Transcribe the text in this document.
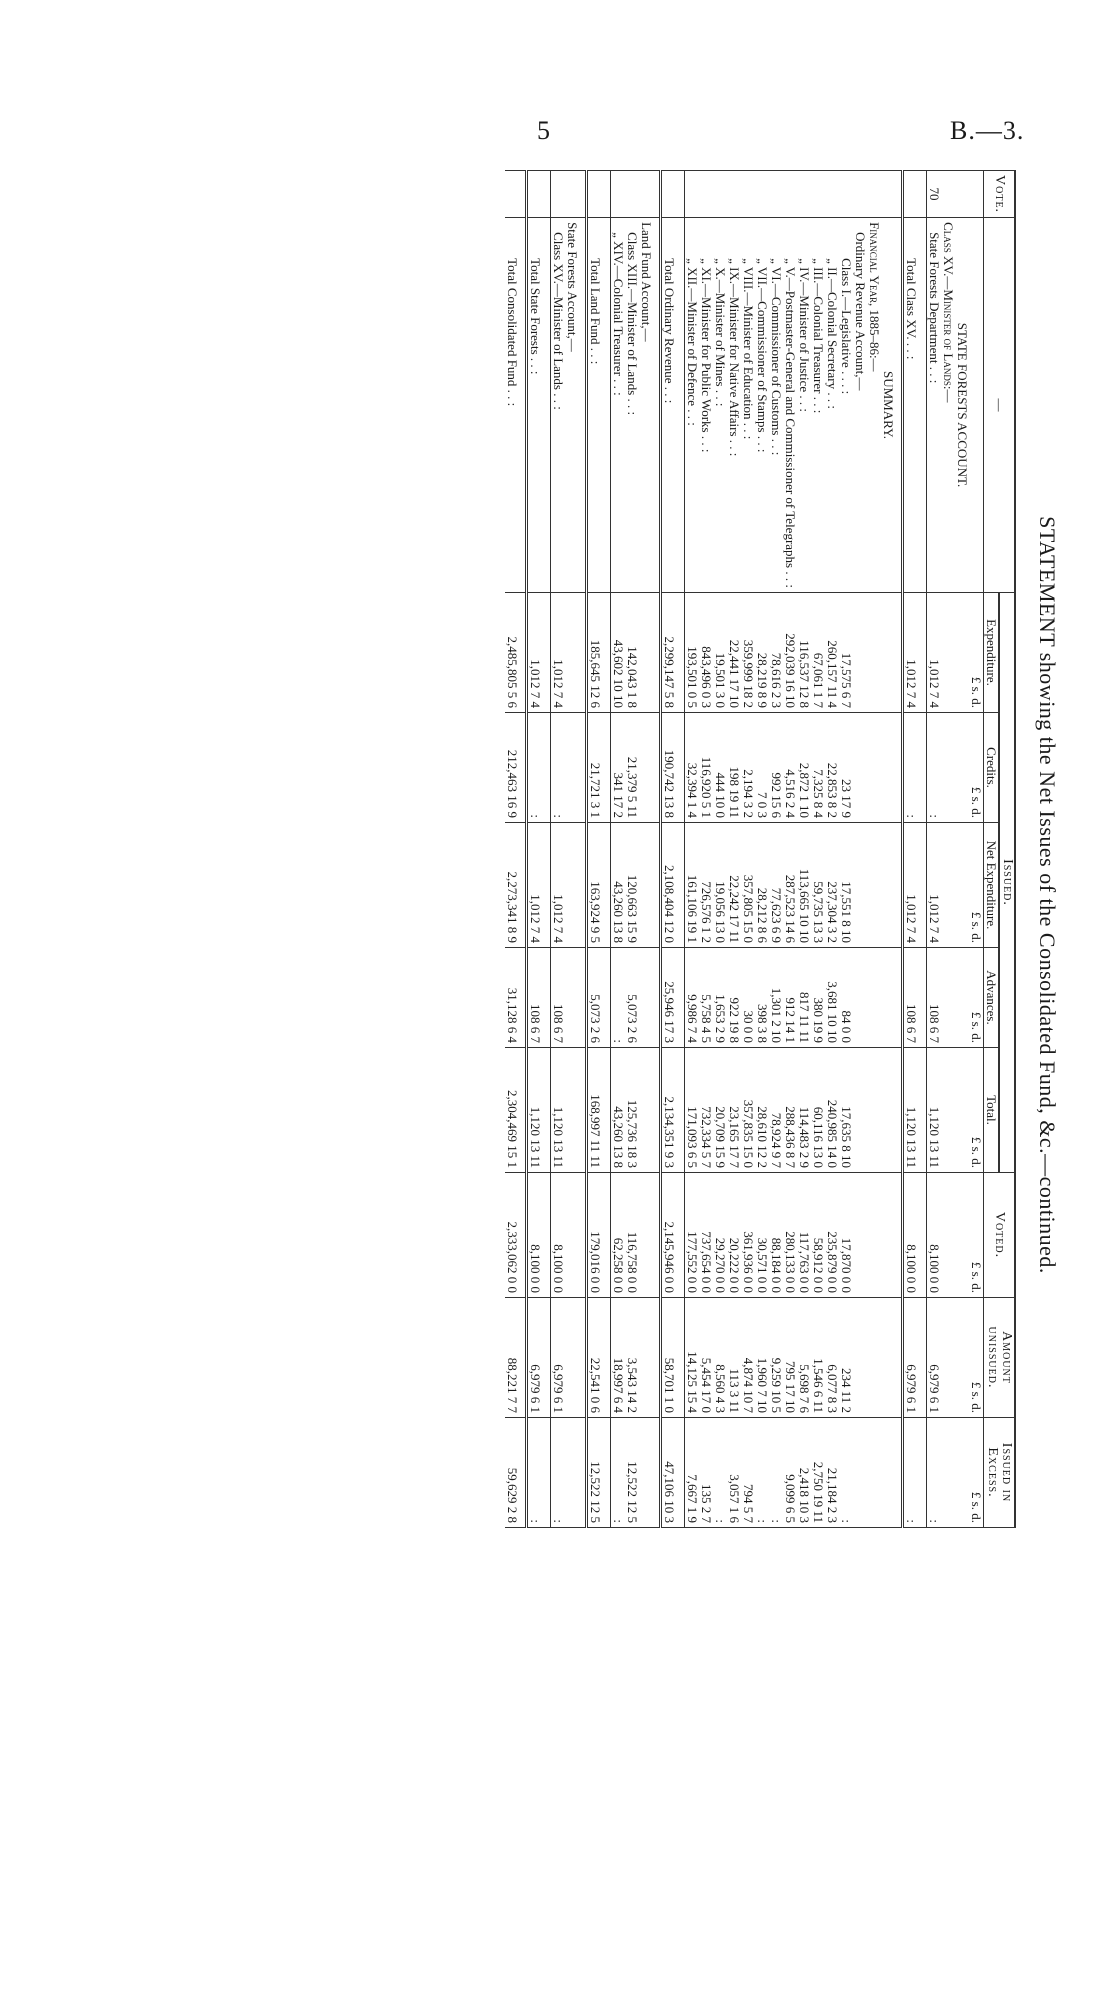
5	B.—3.
STATEMENT showing the Net Issues of the Consolidated Fund, &c.—continued.
Vote.	—	Issued.					Voted.	Amount unissued.	Issued in Excess.
		Expenditure.	Credits.	Net Expenditure.	Advances.	Total.			
		£ s. d.	£ s. d.	£ s. d.	£ s. d.	£ s. d.	£ s. d.	£ s. d.	£ s. d.
	STATE FORESTS ACCOUNT.								
	Class XV.—Minister of Lands:—								
70	State Forests Department . . :	1,012 7 4	:	1,012 7 4	108 6 7	1,120 13 11	8,100 0 0	6,979 6 1	:

	Total Class XV. . . :	1,012 7 4	:	1,012 7 4	108 6 7	1,120 13 11	8,100 0 0	6,979 6 1	:

	SUMMARY.								
	Financial Year, 1885–86:—								
	Ordinary Revenue Account,—								
	Class I.—Legislative . . . :	17,575 6 7	23 17 9	17,551 8 10	84 0 0	17,635 8 10	17,870 0 0	234 11 2	:
	„ II.—Colonial Secretary . . :	260,157 11 4	22,853 8 2	237,304 3 2	3,681 10 10	240,985 14 0	235,879 0 0	6,077 8 3	21,184 2 3
	„ III.—Colonial Treasurer . . :	67,061 1 7	7,325 8 4	59,735 13 3	380 19 9	60,116 13 0	58,912 0 0	1,546 6 11	2,750 19 11
	„ IV.—Minister of Justice . . :	116,537 12 8	2,872 1 10	113,665 10 10	817 11 11	114,483 2 9	117,763 0 0	5,698 7 6	2,418 10 3
	„ V.—Postmaster-General and Commissioner of Telegraphs . . :	292,039 16 10	4,516 2 4	287,523 14 6	912 14 1	288,436 8 7	280,133 0 0	795 17 10	9,099 6 5
	„ VI.—Commissioner of Customs . . :	78,616 2 3	992 15 6	77,623 6 9	1,301 2 10	78,924 9 7	88,184 0 0	9,259 10 5	:
	„ VII.—Commissioner of Stamps . . :	28,219 8 9	7 0 3	28,212 8 6	398 3 8	28,610 12 2	30,571 0 0	1,960 7 10	:
	„ VIII.—Minister of Education . . :	359,999 18 2	2,194 3 2	357,805 15 0	30 0 0	357,835 15 0	361,936 0 0	4,874 10 7	794 5 7
	„ IX.—Minister for Native Affairs . . :	22,441 17 10	198 19 11	22,242 17 11	922 19 8	23,165 17 7	20,222 0 0	113 3 11	3,057 1 6
	„ X.—Minister of Mines . . :	19,501 3 0	444 10 0	19,056 13 0	1,653 2 9	20,709 15 9	29,270 0 0	8,560 4 3	:
	„ XI.—Minister for Public Works . . :	843,496 0 3	116,920 5 1	726,576 1 2	5,758 4 5	732,334 5 7	737,654 0 0	5,454 17 0	135 2 7
	„ XII.—Minister of Defence . . :	193,501 0 5	32,394 1 4	161,106 19 1	9,986 7 4	171,093 6 5	177,552 0 0	14,125 15 4	7,667 1 9

	Total Ordinary Revenue . . :	2,299,147 5 8	190,742 13 8	2,108,404 12 0	25,946 17 3	2,134,351 9 3	2,145,946 0 0	58,701 1 0	47,106 10 3

	Land Fund Account,—								
	Class XIII.—Minister of Lands . . :	142,043 1 8	21,379 5 11	120,663 15 9	5,073 2 6	125,736 18 3	116,758 0 0	3,543 14 2	12,522 12 5
	„ XIV.—Colonial Treasurer . . :	43,602 10 10	341 17 2	43,260 13 8	:	43,260 13 8	62,258 0 0	18,997 6 4	:

	Total Land Fund . . :	185,645 12 6	21,721 3 1	163,924 9 5	5,073 2 6	168,997 11 11	179,016 0 0	22,541 0 6	12,522 12 5

	State Forests Account,—								
	Class XV.—Minister of Lands . . :	1,012 7 4	:	1,012 7 4	108 6 7	1,120 13 11	8,100 0 0	6,979 6 1	:

	Total State Forests . . :	1,012 7 4	:	1,012 7 4	108 6 7	1,120 13 11	8,100 0 0	6,979 6 1	:

	Total Consolidated Fund . . :	2,485,805 5 6	212,463 16 9	2,273,341 8 9	31,128 6 4	2,304,469 15 1	2,333,062 0 0	88,221 7 7	59,629 2 8
